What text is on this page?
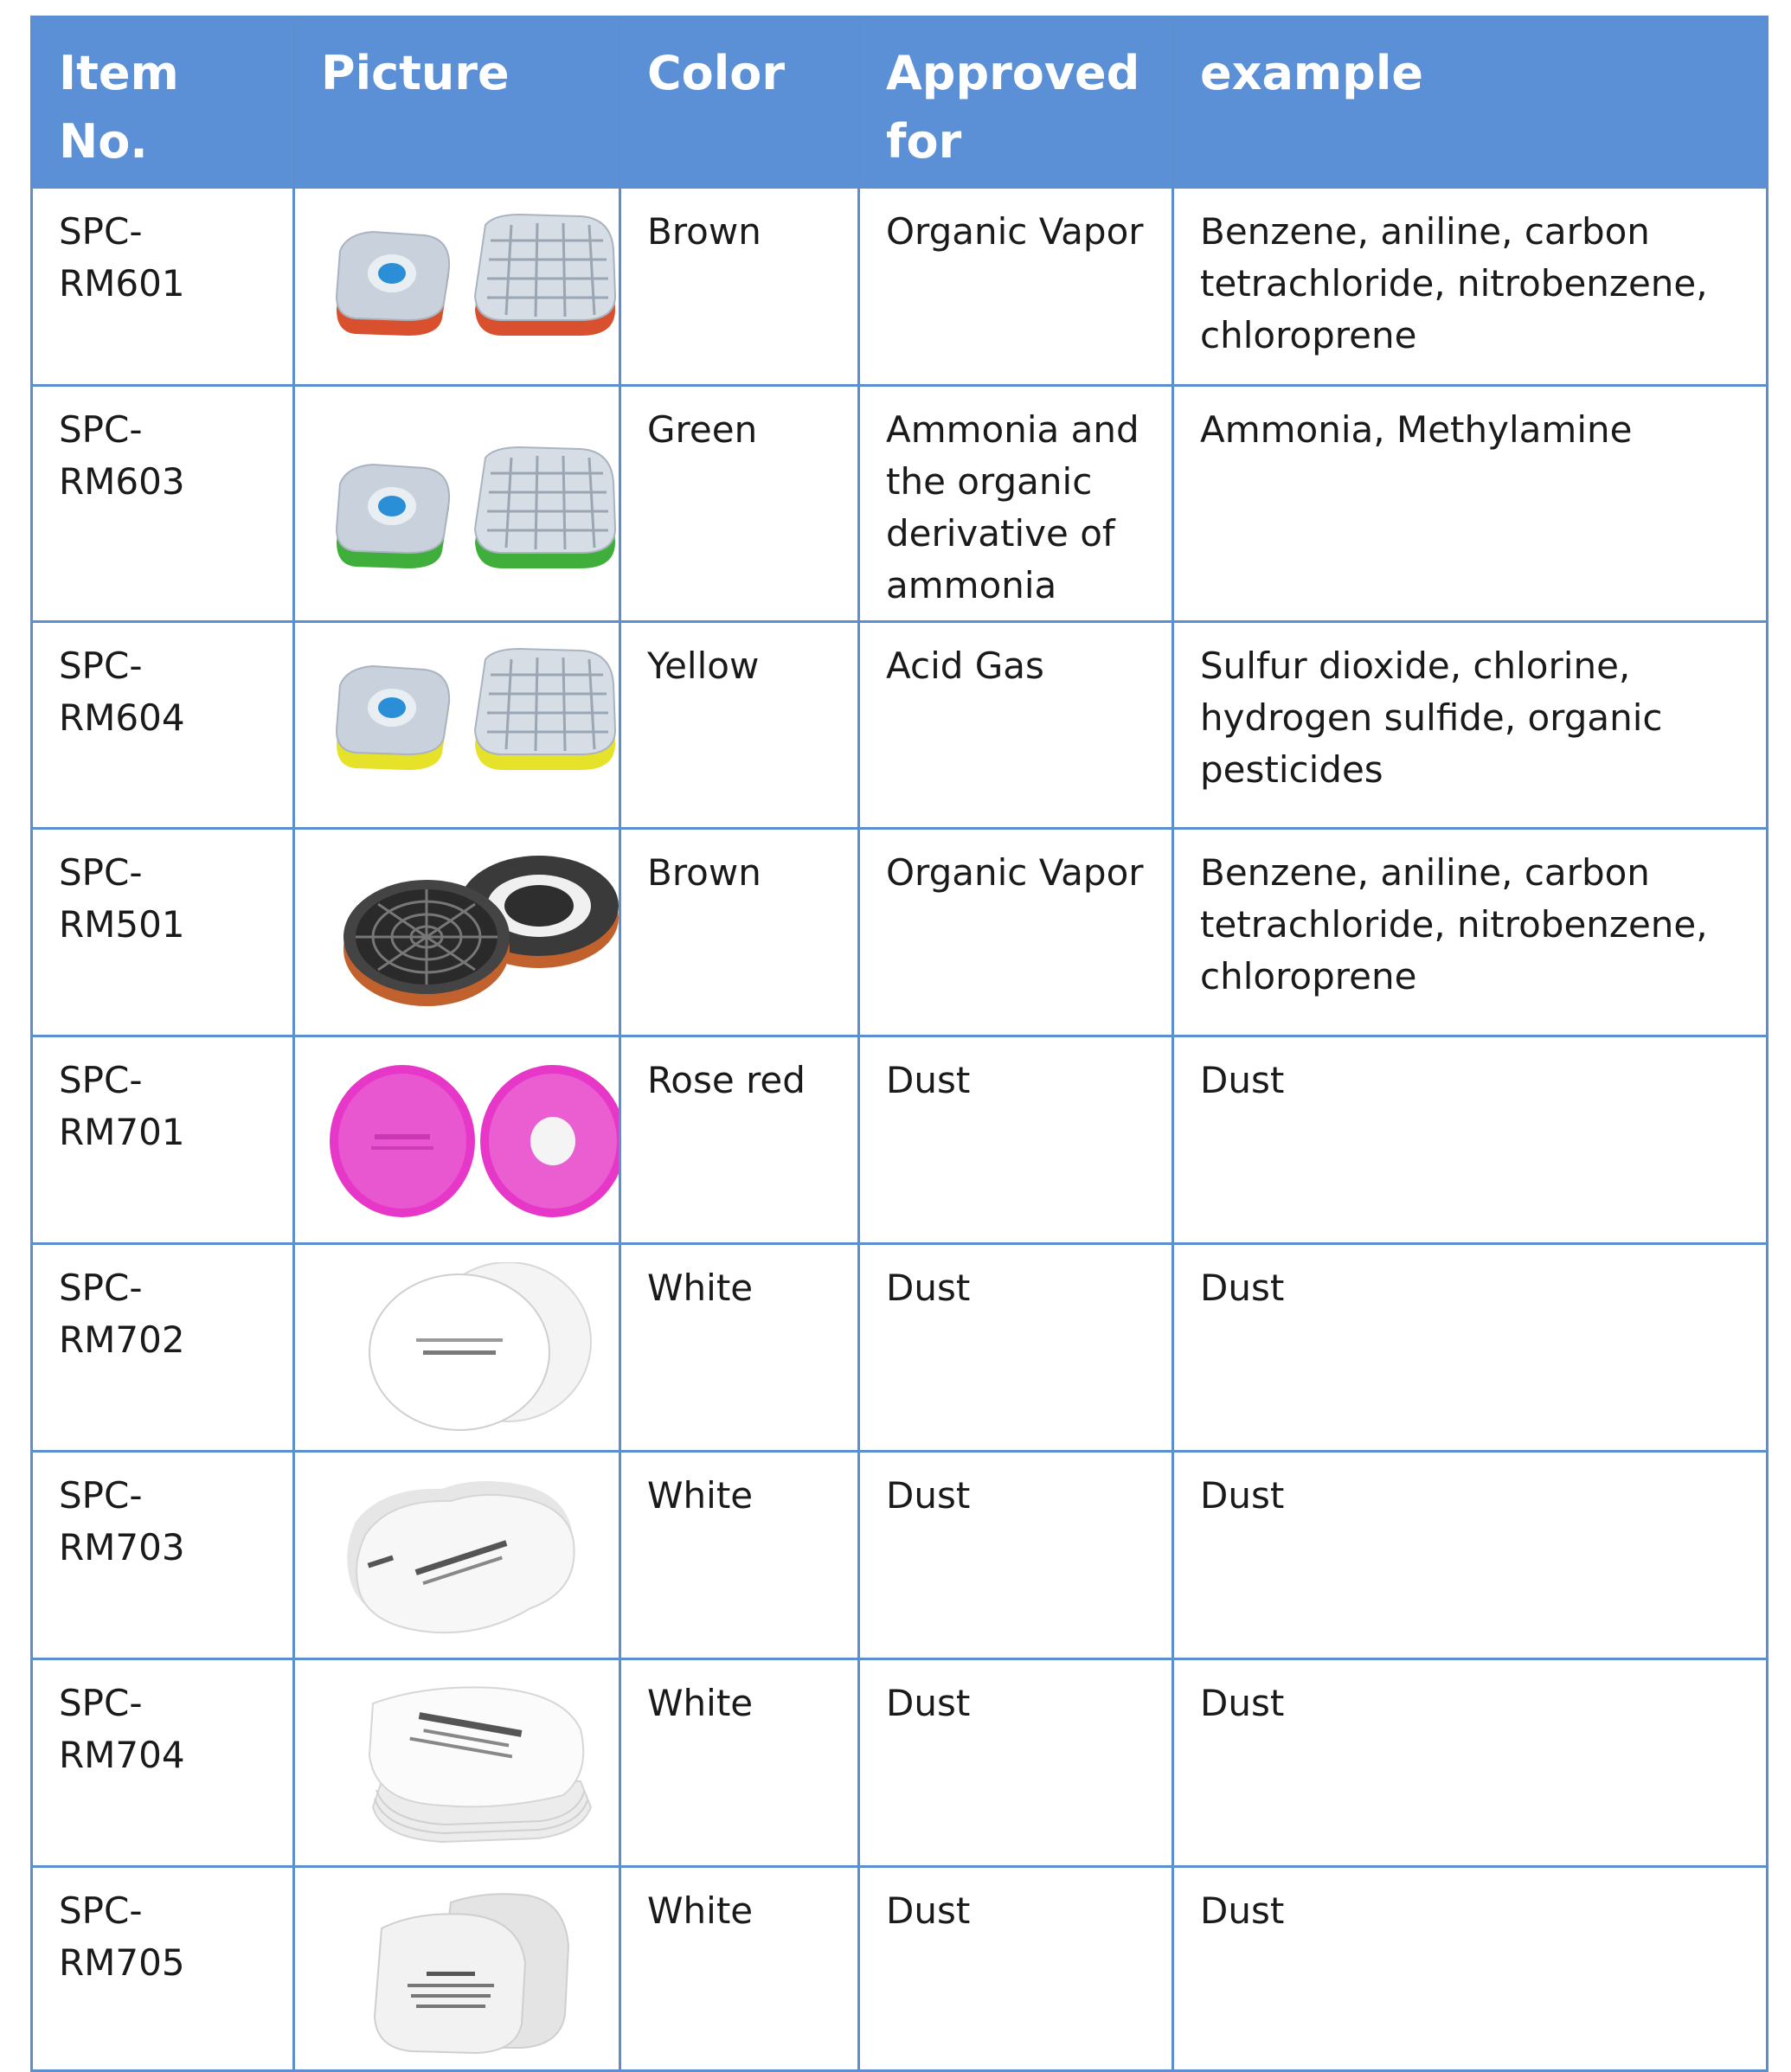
Item No.	Picture	Color	Approved for	example
SPC-RM601		Brown	Organic Vapor	Benzene, aniline, carbon tetrachloride, nitrobenzene, chloroprene
SPC-RM603		Green	Ammonia and the organic derivative of ammonia	Ammonia, Methylamine
SPC-RM604		Yellow	Acid Gas	Sulfur dioxide, chlorine, hydrogen sulfide, organic pesticides
SPC-RM501		Brown	Organic Vapor	Benzene, aniline, carbon tetrachloride, nitrobenzene, chloroprene
SPC-RM701		Rose red	Dust	Dust
SPC-RM702		White	Dust	Dust
SPC-RM703		White	Dust	Dust
SPC-RM704		White	Dust	Dust
SPC-RM705		White	Dust	Dust
